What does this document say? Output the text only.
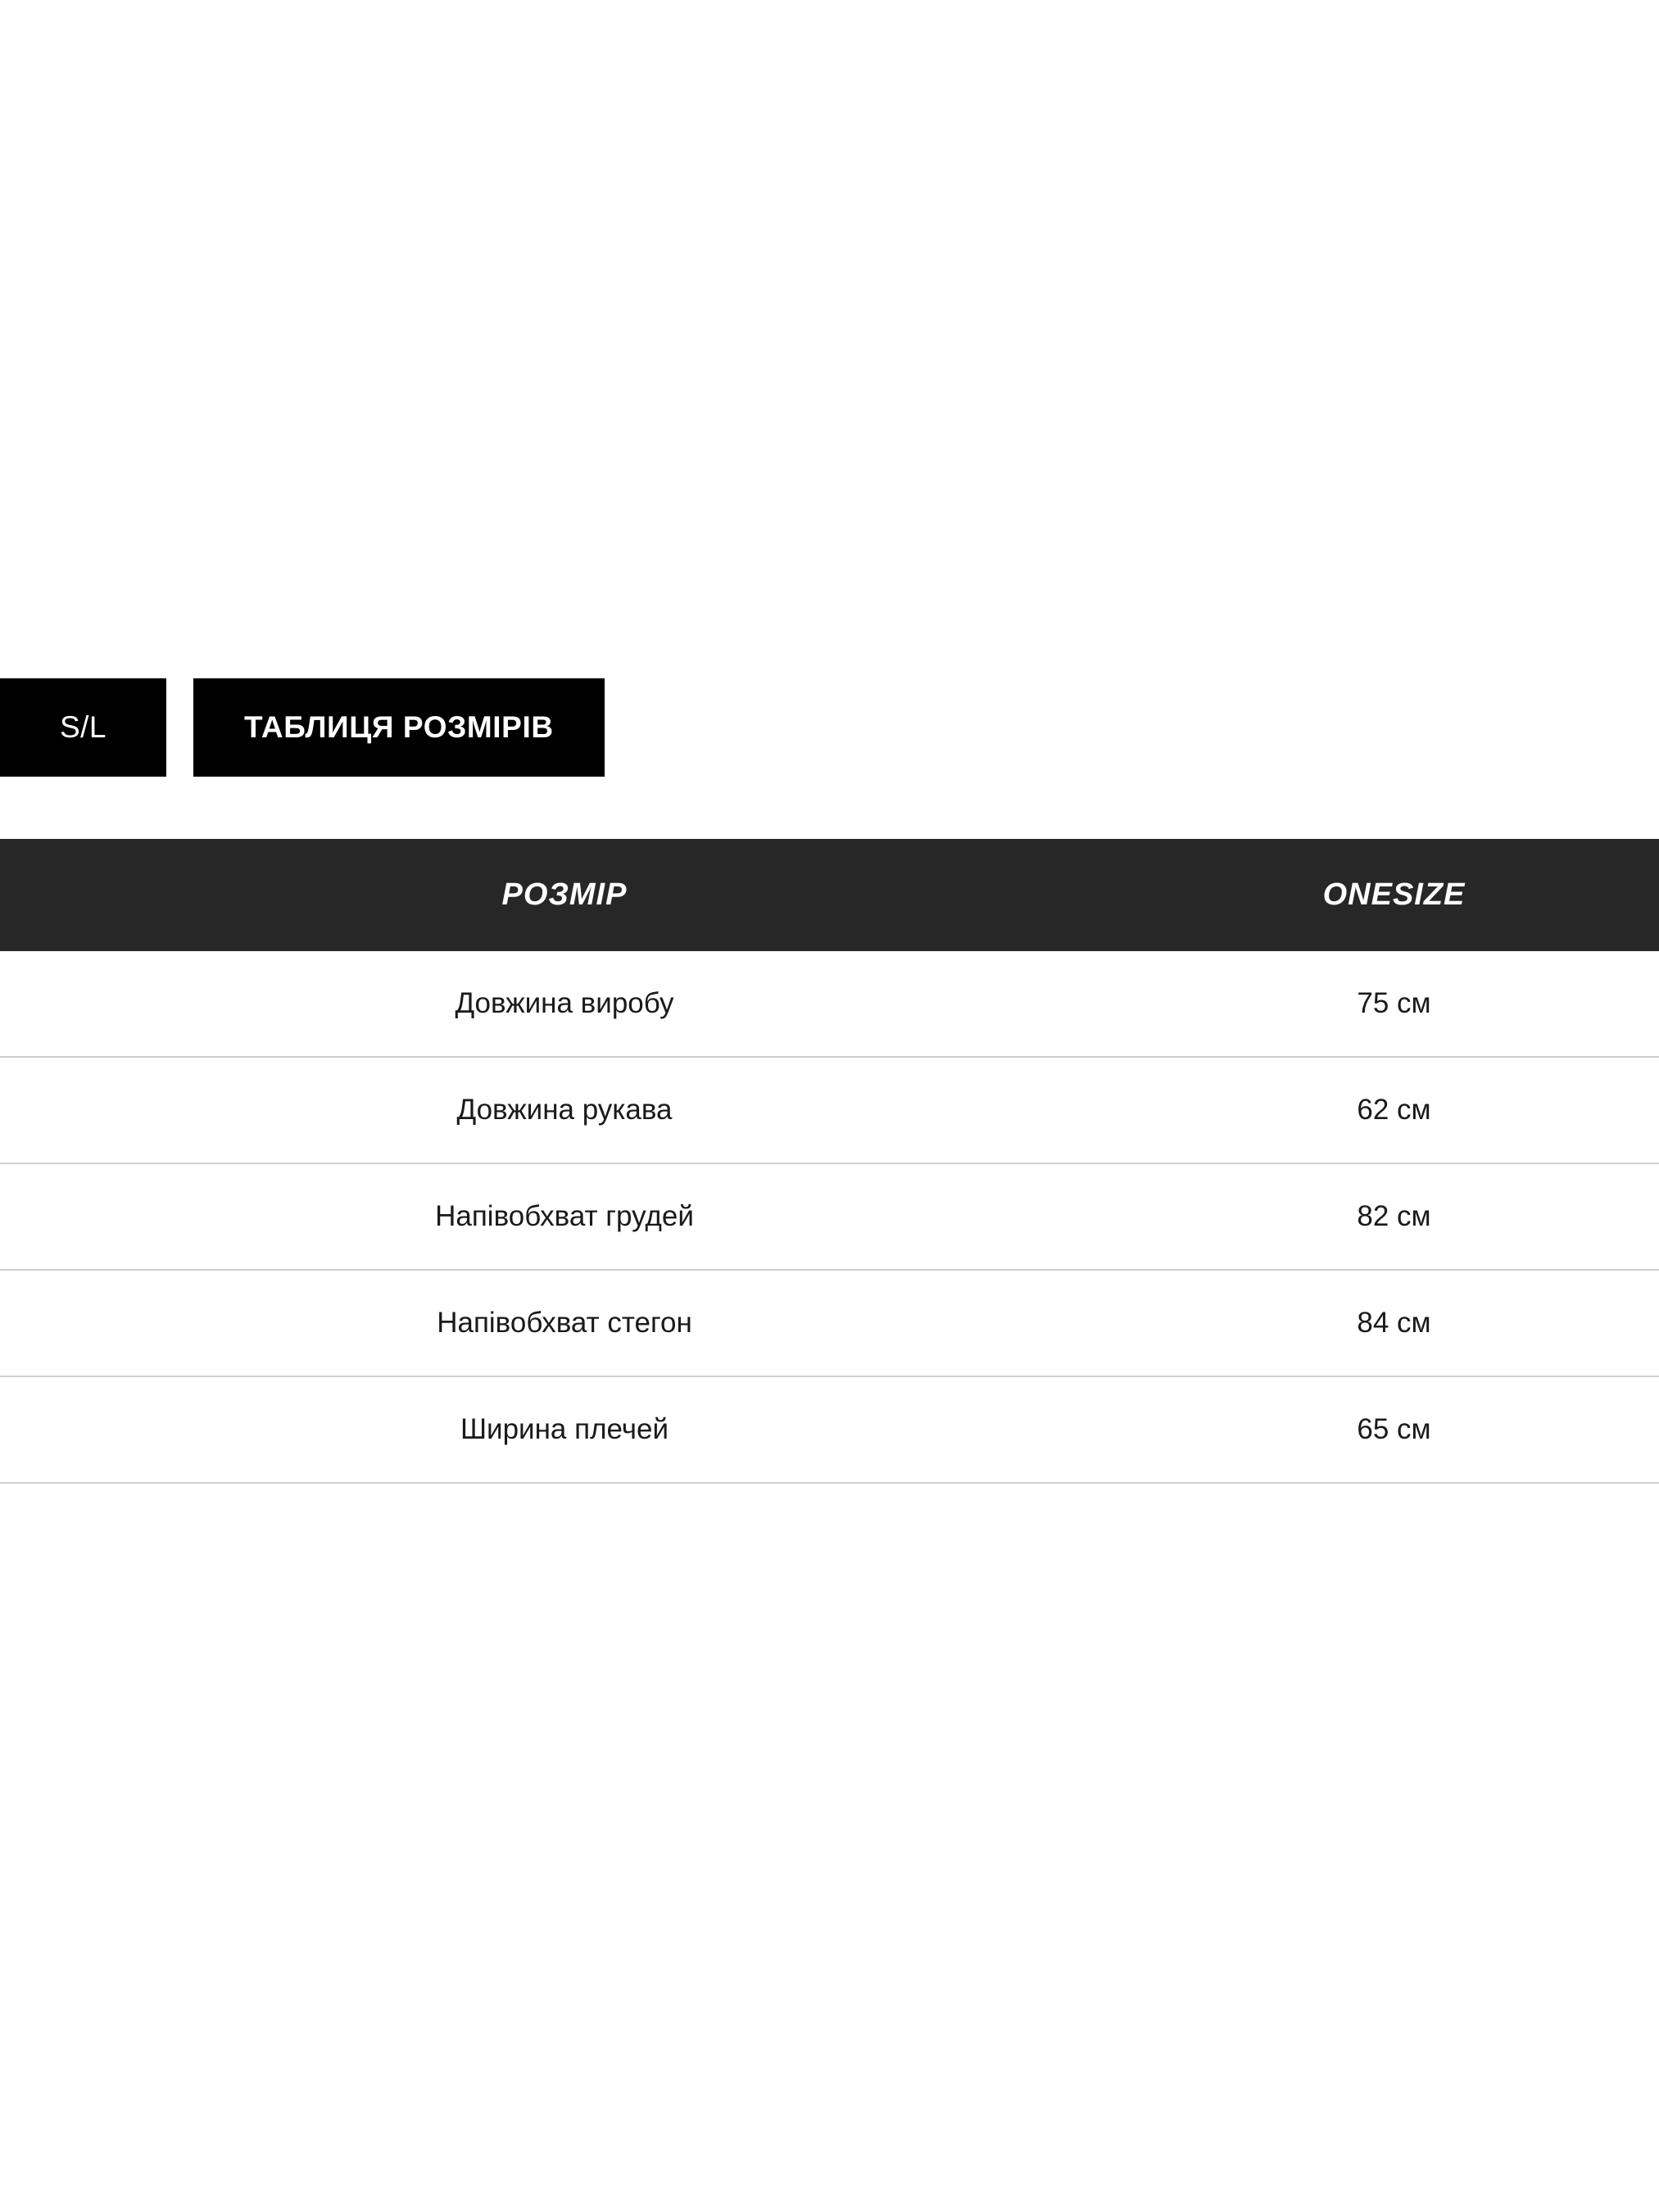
S/L	ТАБЛИЦЯ РОЗМІРІВ
РОЗМІР	ONESIZE
Довжина виробу	75 см
Довжина рукава	62 см
Напівобхват грудей	82 см
Напівобхват стегон	84 см
Ширина плечей	65 см
